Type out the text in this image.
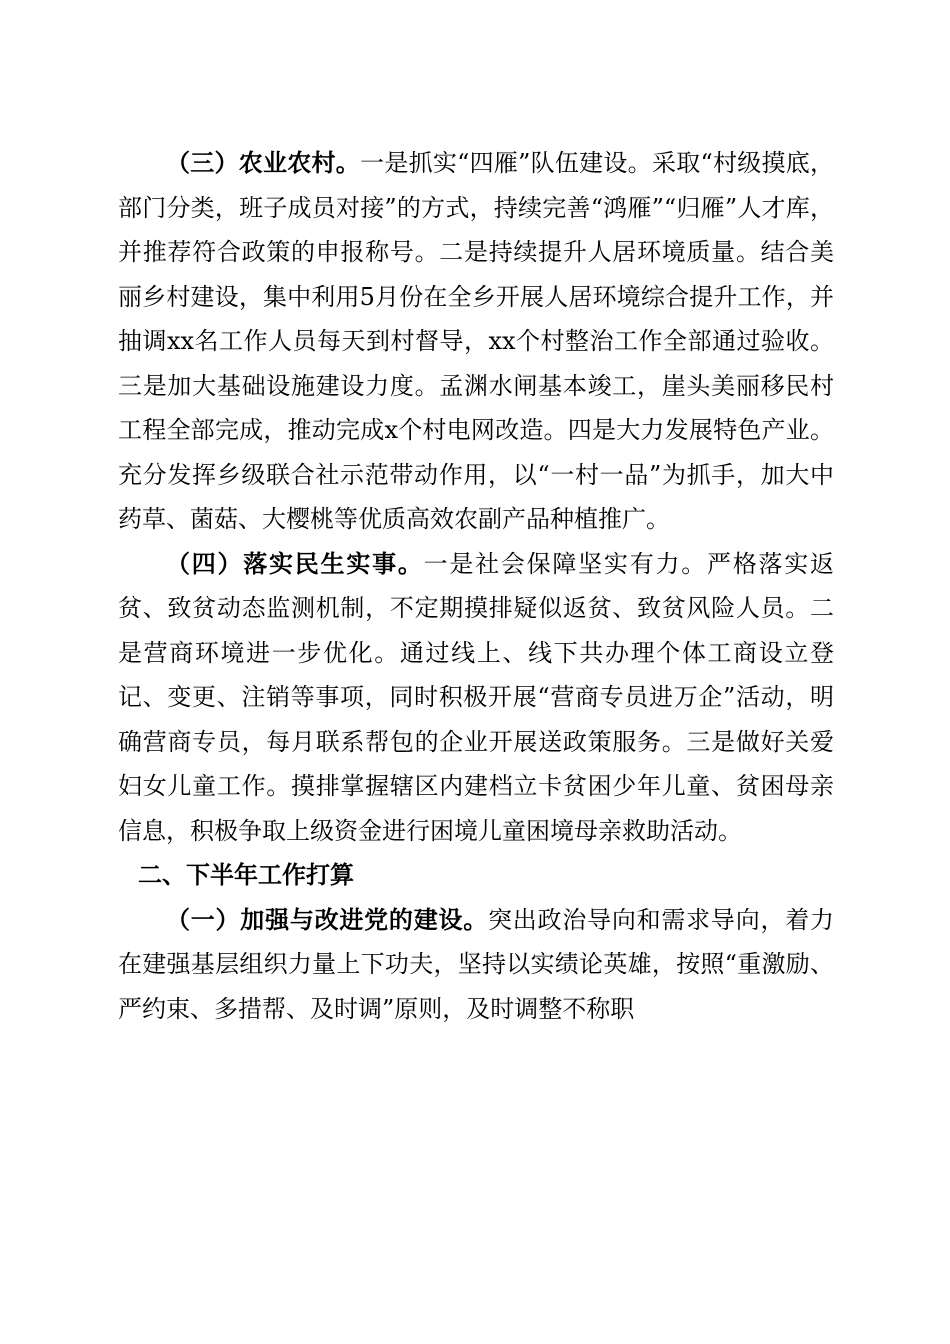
（三）农业农村。一是抓实“四雁”队伍建设。采取“村级摸底，部门分类，班子成员对接”的方式，持续完善“鸿雁”“归雁”人才库，并推荐符合政策的申报称号。二是持续提升人居环境质量。结合美丽乡村建设，集中利用5月份在全乡开展人居环境综合提升工作，并抽调xx名工作人员每天到村督导，xx个村整治工作全部通过验收。三是加大基础设施建设力度。孟渊水闸基本竣工，崖头美丽移民村工程全部完成，推动完成x个村电网改造。四是大力发展特色产业。充分发挥乡级联合社示范带动作用，以“一村一品”为抓手，加大中药草、菌菇、大樱桃等优质高效农副产品种植推广。

（四）落实民生实事。一是社会保障坚实有力。严格落实返贫、致贫动态监测机制，不定期摸排疑似返贫、致贫风险人员。二是营商环境进一步优化。通过线上、线下共办理个体工商设立登记、变更、注销等事项，同时积极开展“营商专员进万企”活动，明确营商专员，每月联系帮包的企业开展送政策服务。三是做好关爱妇女儿童工作。摸排掌握辖区内建档立卡贫困少年儿童、贫困母亲信息，积极争取上级资金进行困境儿童困境母亲救助活动。

二、下半年工作打算

（一）加强与改进党的建设。突出政治导向和需求导向，着力在建强基层组织力量上下功夫，坚持以实绩论英雄，按照“重激励、严约束、多措帮、及时调”原则，及时调整不称职
